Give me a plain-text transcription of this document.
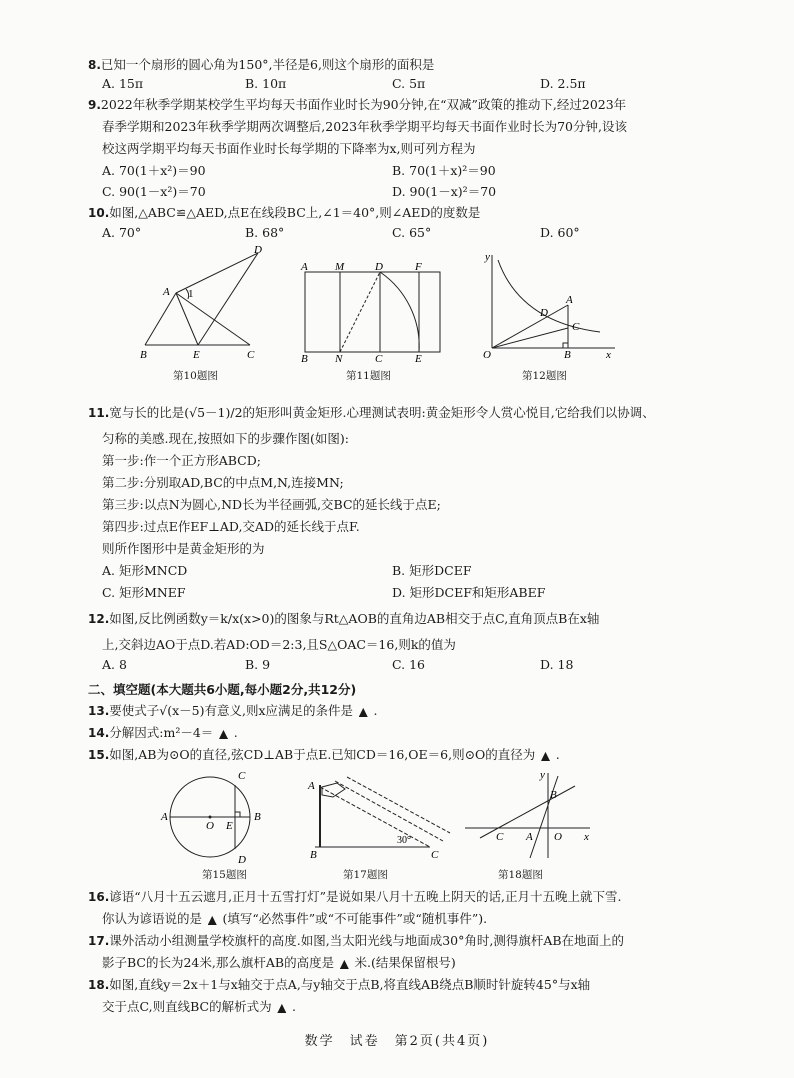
8.已知一个扇形的圆心角为150°,半径是6,则这个扇形的面积是
A. 15π	B. 10π	C. 5π	D. 2.5π
9.2022年秋季学期某校学生平均每天书面作业时长为90分钟,在“双减”政策的推动下,经过2023年
春季学期和2023年秋季学期两次调整后,2023年秋季学期平均每天书面作业时长为70分钟,设该
校这两学期平均每天书面作业时长每学期的下降率为x,则可列方程为
A. 70(1＋x²)＝90	B. 70(1＋x)²＝90
C. 90(1－x²)＝70	D. 90(1－x)²＝70
10.如图,△ABC≌△AED,点E在线段BC上,∠1＝40°,则∠AED的度数是
A. 70°	B. 68°	C. 65°	D. 60°
D
A 1
B	E	C
第10题图
A M	D	F
B N	C	E
第11题图
y
A
D
C
O	B	x
第12题图
11.宽与长的比是(√5－1)/2的矩形叫黄金矩形.心理测试表明:黄金矩形令人赏心悦目,它给我们以协调、
匀称的美感.现在,按照如下的步骤作图(如图):
第一步:作一个正方形ABCD;
第二步:分别取AD,BC的中点M,N,连接MN;
第三步:以点N为圆心,ND长为半径画弧,交BC的延长线于点E;
第四步:过点E作EF⊥AD,交AD的延长线于点F.
则所作图形中是黄金矩形的为
A. 矩形MNCD	B. 矩形DCEF
C. 矩形MNEF	D. 矩形DCEF和矩形ABEF
12.如图,反比例函数y＝k/x(x>0)的图象与Rt△AOB的直角边AB相交于点C,直角顶点B在x轴
上,交斜边AO于点D.若AD:OD＝2:3,且S△OAC＝16,则k的值为
A. 8	B. 9	C. 16	D. 18
二、填空题(本大题共6小题,每小题2分,共12分)
13.要使式子√(x－5)有意义,则x应满足的条件是 ▲ .
14.分解因式:m²－4＝ ▲ .
15.如图,AB为⊙O的直径,弦CD⊥AB于点E.已知CD＝16,OE＝6,则⊙O的直径为 ▲ .
C
A
O E
B
D
第15题图
A
B
30°
C
第17题图
y
B
C A O x
第18题图
16.谚语“八月十五云遮月,正月十五雪打灯”是说如果八月十五晚上阴天的话,正月十五晚上就下雪.
你认为谚语说的是 ▲ (填写“必然事件”或“不可能事件”或“随机事件”).
17.课外活动小组测量学校旗杆的高度.如图,当太阳光线与地面成30°角时,测得旗杆AB在地面上的
影子BC的长为24米,那么旗杆AB的高度是 ▲ 米.(结果保留根号)
18.如图,直线y＝2x＋1与x轴交于点A,与y轴交于点B,将直线AB绕点B顺时针旋转45°与x轴
交于点C,则直线BC的解析式为 ▲ .
数学　试卷　第2页(共4页)
